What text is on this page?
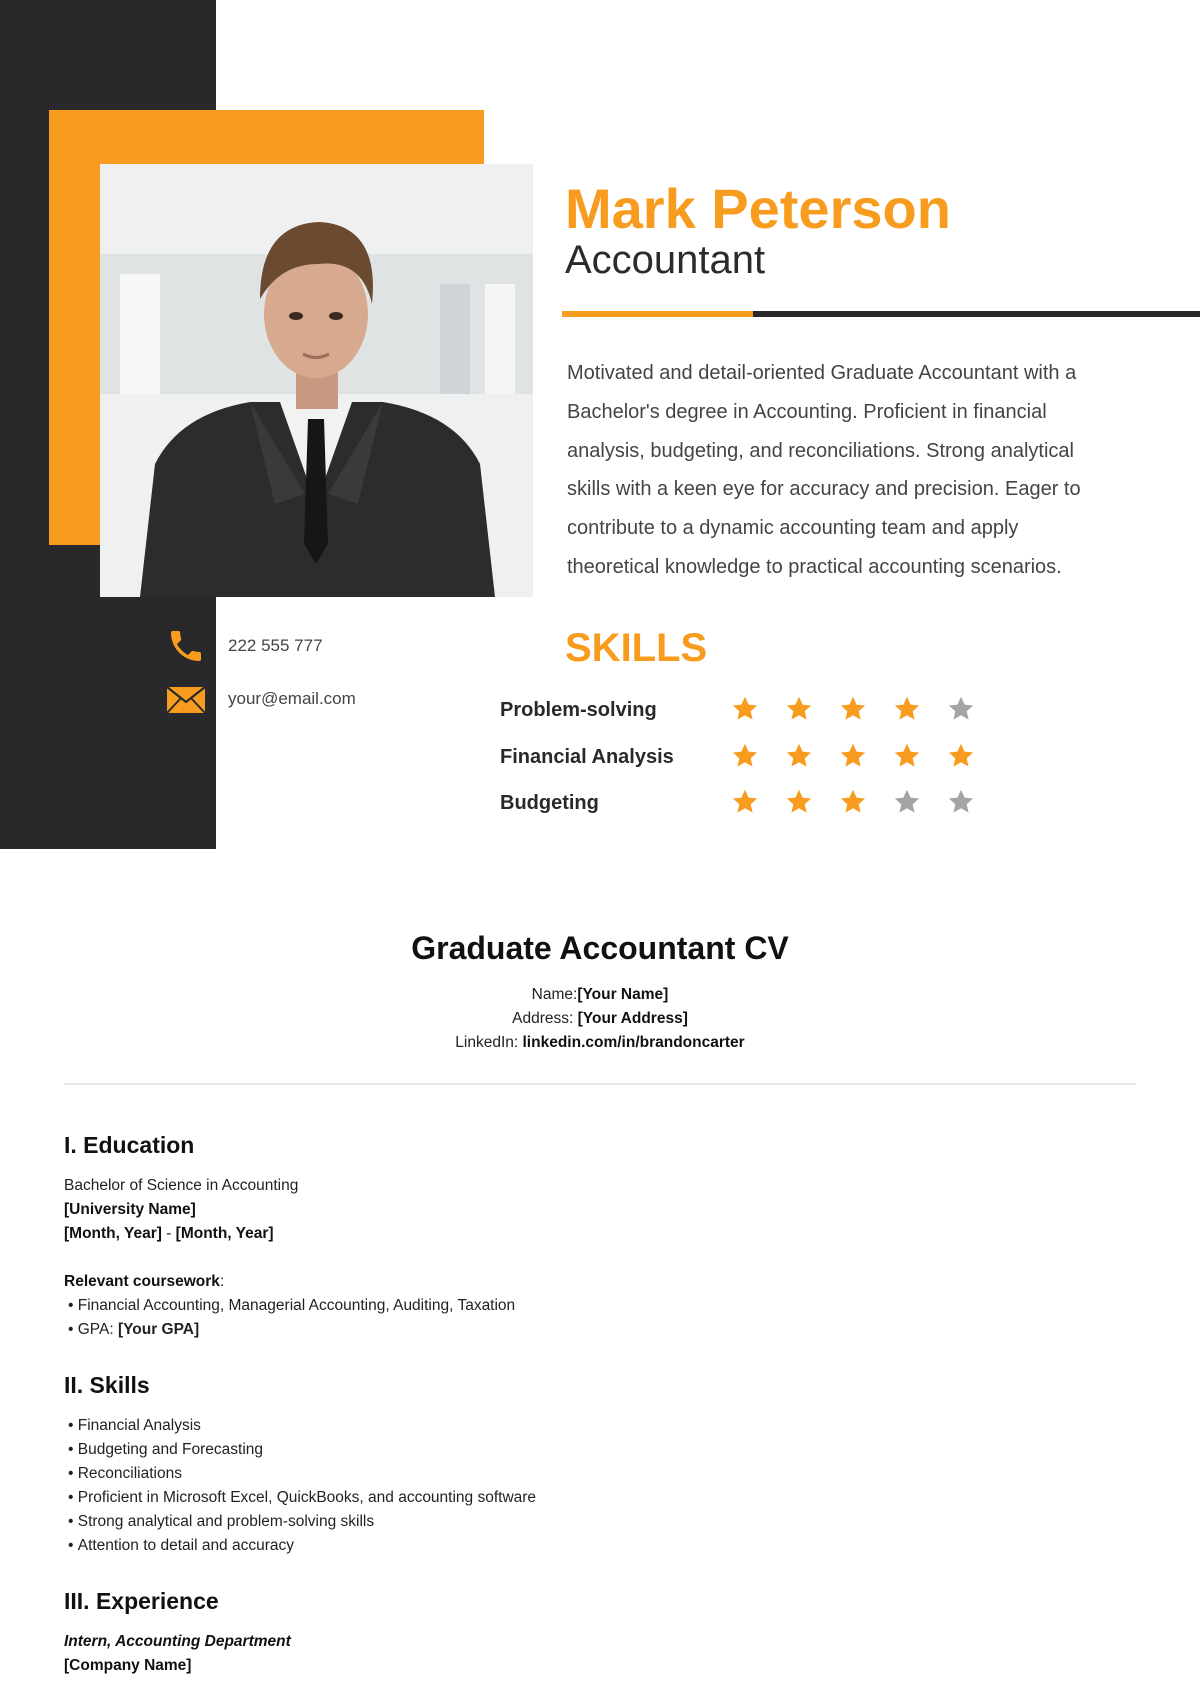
Mark Peterson
Accountant
Motivated and detail-oriented Graduate Accountant with a Bachelor's degree in Accounting. Proficient in financial analysis, budgeting, and reconciliations. Strong analytical skills with a keen eye for accuracy and precision. Eager to contribute to a dynamic accounting team and apply theoretical knowledge to practical accounting scenarios.
222 555 777
your@email.com
SKILLS
Problem-solving
Financial Analysis
Budgeting
Graduate Accountant CV
Name:[Your Name]
Address: [Your Address]
LinkedIn: linkedin.com/in/brandoncarter
I. Education
Bachelor of Science in Accounting
[University Name]
[Month, Year] - [Month, Year]
Relevant coursework:
• Financial Accounting, Managerial Accounting, Auditing, Taxation
• GPA: [Your GPA]
II. Skills
• Financial Analysis
• Budgeting and Forecasting
• Reconciliations
• Proficient in Microsoft Excel, QuickBooks, and accounting software
• Strong analytical and problem-solving skills
• Attention to detail and accuracy
III. Experience
Intern, Accounting Department
[Company Name]
